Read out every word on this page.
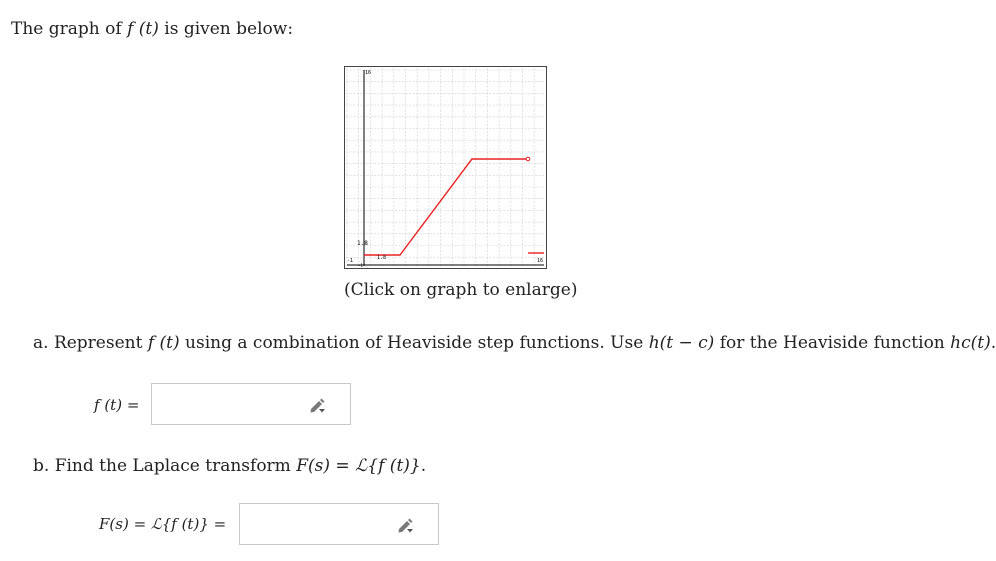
The graph of f (t) is given below:
16
1.8
-1
-1
1.8	16
(Click on graph to enlarge)
a. Represent f (t) using a combination of Heaviside step functions. Use h(t − c) for the Heaviside function hc(t).
f (t) =
b. Find the Laplace transform F(s) = ℒ{f (t)}.
F(s) = ℒ{f (t)} =
